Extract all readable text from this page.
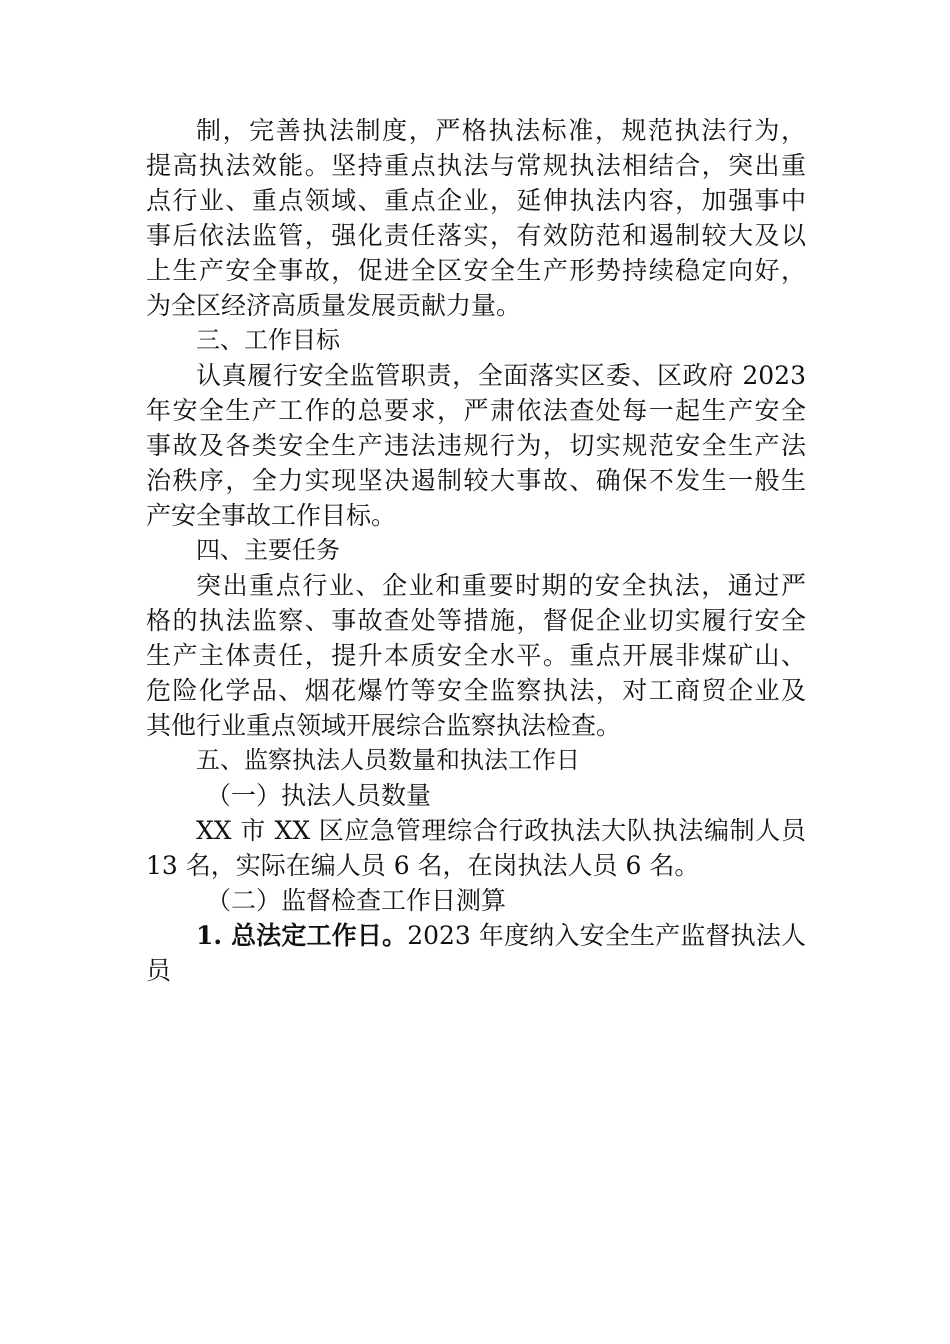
制，完善执法制度，严格执法标准，规范执法行为，
提高执法效能。坚持重点执法与常规执法相结合，突出重
点行业、重点领域、重点企业，延伸执法内容，加强事中
事后依法监管，强化责任落实，有效防范和遏制较大及以
上生产安全事故，促进全区安全生产形势持续稳定向好，
为全区经济高质量发展贡献力量。
三、工作目标
认真履行安全监管职责，全面落实区委、区政府 2023
年安全生产工作的总要求，严肃依法查处每一起生产安全
事故及各类安全生产违法违规行为，切实规范安全生产法
治秩序，全力实现坚决遏制较大事故、确保不发生一般生
产安全事故工作目标。
四、主要任务
突出重点行业、企业和重要时期的安全执法，通过严
格的执法监察、事故查处等措施，督促企业切实履行安全
生产主体责任，提升本质安全水平。重点开展非煤矿山、
危险化学品、烟花爆竹等安全监察执法，对工商贸企业及
其他行业重点领域开展综合监察执法检查。
五、监察执法人员数量和执法工作日
（一）执法人员数量
XX 市 XX 区应急管理综合行政执法大队执法编制人员
13 名，实际在编人员 6 名，在岗执法人员 6 名。
（二）监督检查工作日测算
1. 总法定工作日。2023 年度纳入安全生产监督执法人
员
